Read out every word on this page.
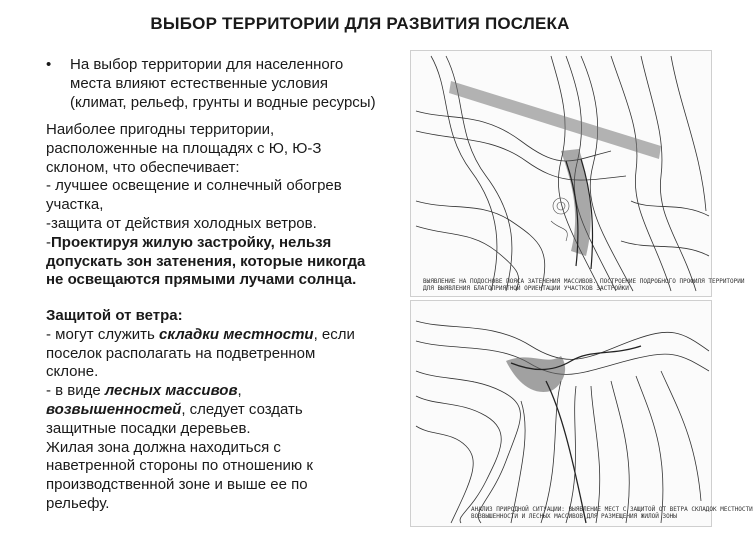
ВЫБОР ТЕРРИТОРИИ ДЛЯ РАЗВИТИЯ ПОСЛЕКА
• На выбор территории для населенного
места влияют естественные условия
(климат, рельеф, грунты и водные ресурсы)
Наиболее пригодны территории,
расположенные на площадях с Ю, Ю-З
склоном, что обеспечивает:
- лучшее освещение и солнечный обогрев
участка,
-защита от действия холодных ветров.
-Проектируя жилую застройку, нельзя
допускать зон затенения, которые никогда
не освещаются прямыми лучами солнца.
Защитой от ветра:
- могут служить складки местности, если
поселок располагать на подветренном
склоне.
- в виде лесных массивов,
возвышенностей, следует создать
защитные посадки деревьев.
Жилая зона должна находиться с
наветренной стороны по отношению к
производственной зоне и выше ее по
рельефу.
ВЫЯВЛЕНИЕ НА ПОДОСНОВЕ ПОЯСА ЗАТЕНЕНИЯ МАССИВОВ. ПОСТРОЕНИЕ ПОДРОБНОГО ПРОФИЛЯ ТЕРРИТОРИИ
ДЛЯ ВЫЯВЛЕНИЯ БЛАГОПРИЯТНОЙ ОРИЕНТАЦИИ УЧАСТКОВ ЗАСТРОЙКИ
АНАЛИЗ ПРИРОДНОЙ СИТУАЦИИ: ВЫЯВЛЕНИЕ МЕСТ С ЗАЩИТОЙ ОТ ВЕТРА СКЛАДОК МЕСТНОСТИ
ВОЗВЫШЕННОСТИ И ЛЕСНЫХ МАССИВОВ ДЛЯ РАЗМЕЩЕНИЯ ЖИЛОЙ ЗОНЫ
